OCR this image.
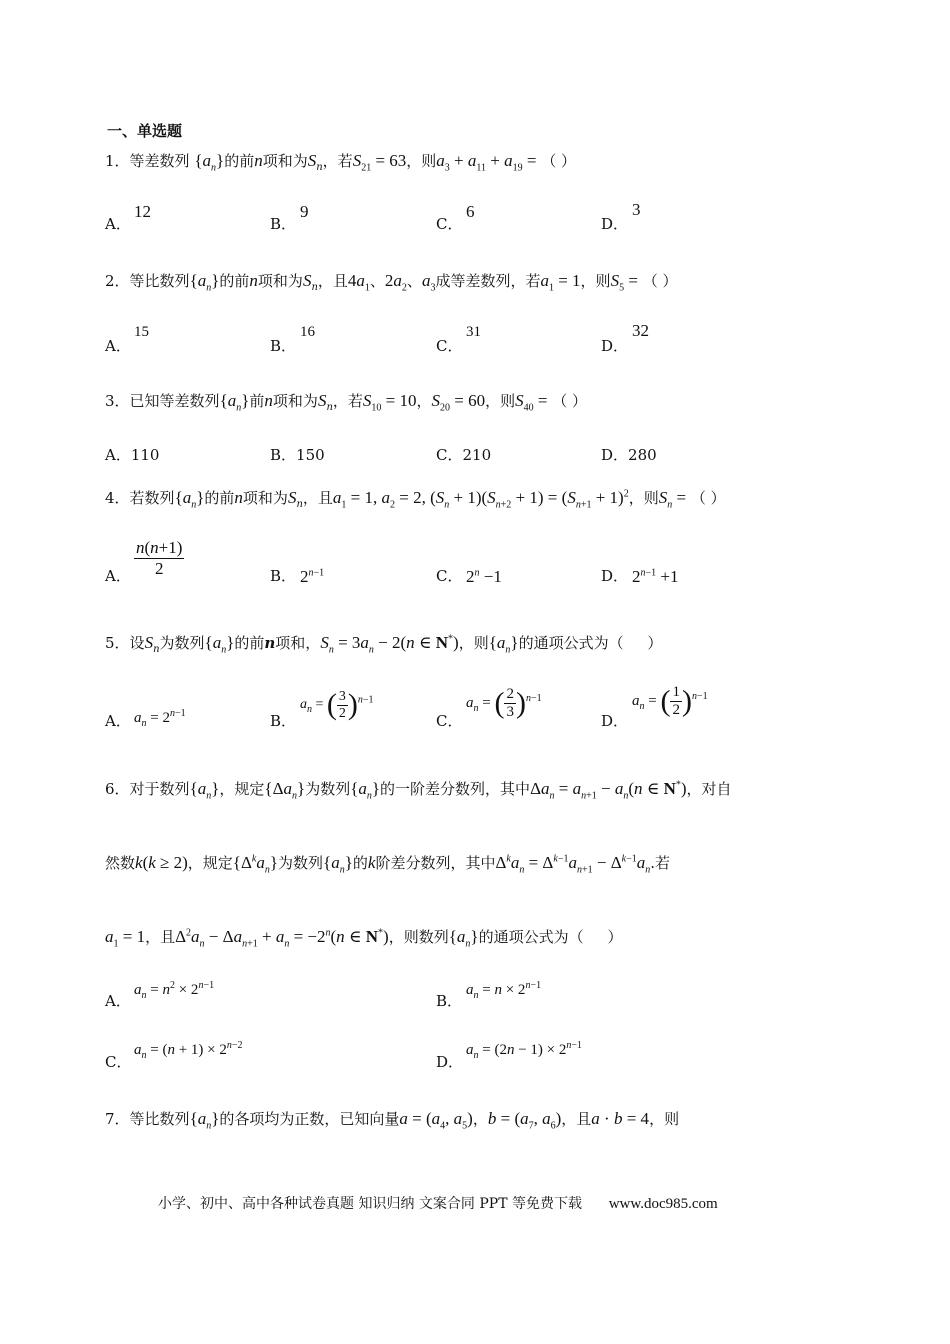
一、单选题
1．等差数列 $\{a_n\}$的前n项和为$S_n$，若$S_{21} = 63$，则$a_3 + a_{11} + a_{19}$ = （ ）
A．
12
B．
9
C．
6
D．
3
2．等比数列$\{a_n\}$的前n项和为$S_n$，且$4a_1$、$2a_2$、$a_3$成等差数列，若$a_1 = 1$，则$S_5$ = （ ）
A．
15
B．
16
C．
31
D．
32
3．已知等差数列$\{a_n\}$前n项和为$S_n$，若$S_{10} = 10$，$S_{20} = 60$，则$S_{40}$ = （ ）
A．110	B．150	C．210	D．280
4．若数列$\{a_n\}$的前n项和为$S_n$，且$a_1 = 1$, $a_2 = 2$, $(S_n + 1)(S_{n+2} + 1) = (S_{n+1} + 1)^2$，则$S_n$ = （ ）
A． $\frac{n(n+1)}{2}$	B． $2^{n-1}$	C． $2^n -1$	D． $2^{n-1} +1$
5．设$S_n$为数列$\{a_n\}$的前n项和，$S_n = 3a_n - 2(n$ ∈ N*)，则$\{a_n\}$的通项公式为（ ）
A． $a_n = 2^{n-1}$	B．
$a_n$ = ( $\frac{3}{2} )^{n-1}$
C．
$a_n$ = ( $\frac{2}{3} )^{n-1}$
D．
$a_n$ = ( $\frac{1}{2} )^{n-1}$
6．对于数列$\{a_n\}$，规定$\{\Delta a_n\}$为数列$\{a_n\}$的一阶差分数列，其中$\Delta a_n = a_{n+1} - a_n(n$ ∈ N*)，对自
然数k(k ≥ 2)，规定$\{\Delta^ka_n\}$为数列$\{a_n\}$的k阶差分数列，其中$\Delta^ka_n = \Delta^{k-1}a_{n+1} - \Delta^{k-1}a_n$.若
$a_1 = 1$，且$\Delta^2a_n - \Delta a_{n+1} + a_n = -2^n(n$ ∈ N*)，则数列$\{a_n\}$的通项公式为（ ）
A．
$a_n = n^2 \times 2^{n-1}$
B．
$a_n = n \times 2^{n-1}$
C．
$a_n = (n + 1) \times 2^{n-2}$
D．
$a_n = (2n - 1) \times 2^{n-1}$
7．等比数列$\{a_n\}$的各项均为正数，已知向量$a = (a_4$, $a_5$)，$b = (a_7$, $a_6$)，且a · b = 4，则
小学、初中、高中各种试卷真题 知识归纳 文案合同 PPT 等免费下载 www.doc985.com
